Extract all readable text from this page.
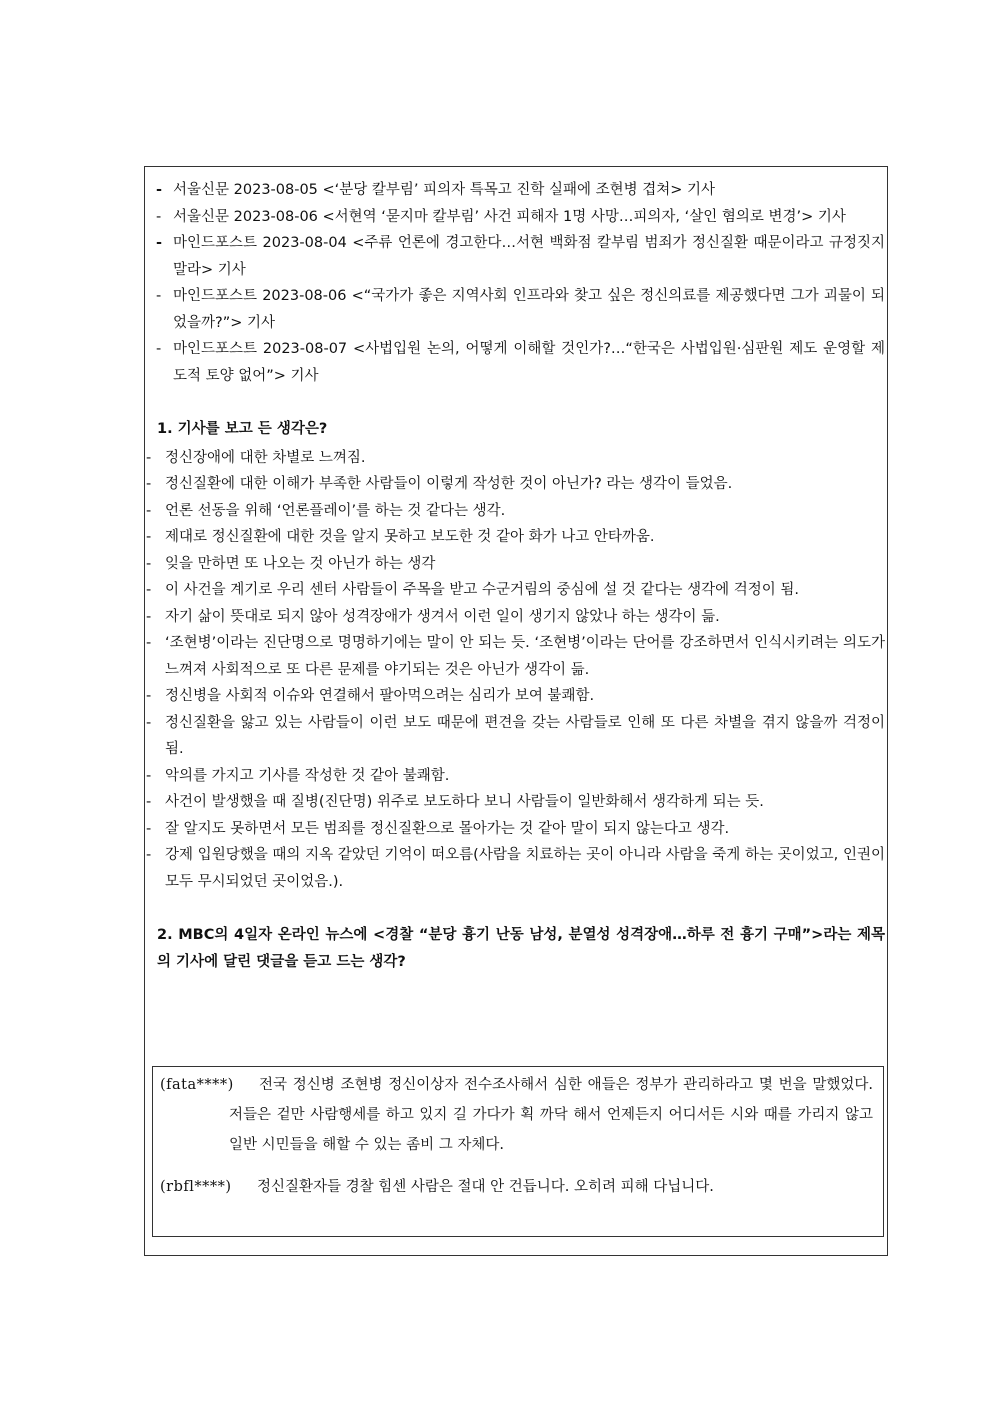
- 서울신문 2023-08-05 <‘분당 칼부림’ 피의자 특목고 진학 실패에 조현병 겹쳐> 기사
- 서울신문 2023-08-06 <서현역 ‘묻지마 칼부림’ 사건 피해자 1명 사망…피의자, ‘살인 혐의로 변경’> 기사
- 마인드포스트 2023-08-04 <주류 언론에 경고한다…서현 백화점 칼부림 범죄가 정신질환 때문이라고 규정짓지 말라> 기사
- 마인드포스트 2023-08-06 <“국가가 좋은 지역사회 인프라와 찾고 싶은 정신의료를 제공했다면 그가 괴물이 되었을까?”> 기사
- 마인드포스트 2023-08-07 <사법입원 논의, 어떻게 이해할 것인가?…“한국은 사법입원·심판원 제도 운영할 제도적 토양 없어”> 기사
1. 기사를 보고 든 생각은?
- 정신장애에 대한 차별로 느껴짐.
- 정신질환에 대한 이해가 부족한 사람들이 이렇게 작성한 것이 아닌가? 라는 생각이 들었음.
- 언론 선동을 위해 ‘언론플레이’를 하는 것 같다는 생각.
- 제대로 정신질환에 대한 것을 알지 못하고 보도한 것 같아 화가 나고 안타까움.
- 잊을 만하면 또 나오는 것 아닌가 하는 생각
- 이 사건을 계기로 우리 센터 사람들이 주목을 받고 수군거림의 중심에 설 것 같다는 생각에 걱정이 됨.
- 자기 삶이 뜻대로 되지 않아 성격장애가 생겨서 이런 일이 생기지 않았나 하는 생각이 듦.
- ‘조현병’이라는 진단명으로 명명하기에는 말이 안 되는 듯. ‘조현병’이라는 단어를 강조하면서 인식시키려는 의도가 느껴져 사회적으로 또 다른 문제를 야기되는 것은 아닌가 생각이 듦.
- 정신병을 사회적 이슈와 연결해서 팔아먹으려는 심리가 보여 불쾌함.
- 정신질환을 앓고 있는 사람들이 이런 보도 때문에 편견을 갖는 사람들로 인해 또 다른 차별을 겪지 않을까 걱정이 됨.
- 악의를 가지고 기사를 작성한 것 같아 불쾌함.
- 사건이 발생했을 때 질병(진단명) 위주로 보도하다 보니 사람들이 일반화해서 생각하게 되는 듯.
- 잘 알지도 못하면서 모든 범죄를 정신질환으로 몰아가는 것 같아 말이 되지 않는다고 생각.
- 강제 입원당했을 때의 지옥 같았던 기억이 떠오름(사람을 치료하는 곳이 아니라 사람을 죽게 하는 곳이었고, 인권이 모두 무시되었던 곳이었음.).
2. MBC의 4일자 온라인 뉴스에 <경찰 “분당 흉기 난동 남성, 분열성 성격장애…하루 전 흉기 구매”>라는 제목의 기사에 달린 댓글을 듣고 드는 생각?
(fata****)	전국 정신병 조현병 정신이상자 전수조사해서 심한 애들은 정부가 관리하라고 몇 번을 말했었다. 저들은 겉만 사람행세를 하고 있지 길 가다가 획 까닥 해서 언제든지 어디서든 시와 때를 가리지 않고 일반 시민들을 해할 수 있는 좀비 그 자체다.
(rbfl****)	정신질환자들 경찰 힘센 사람은 절대 안 건듭니다. 오히려 피해 다닙니다.
